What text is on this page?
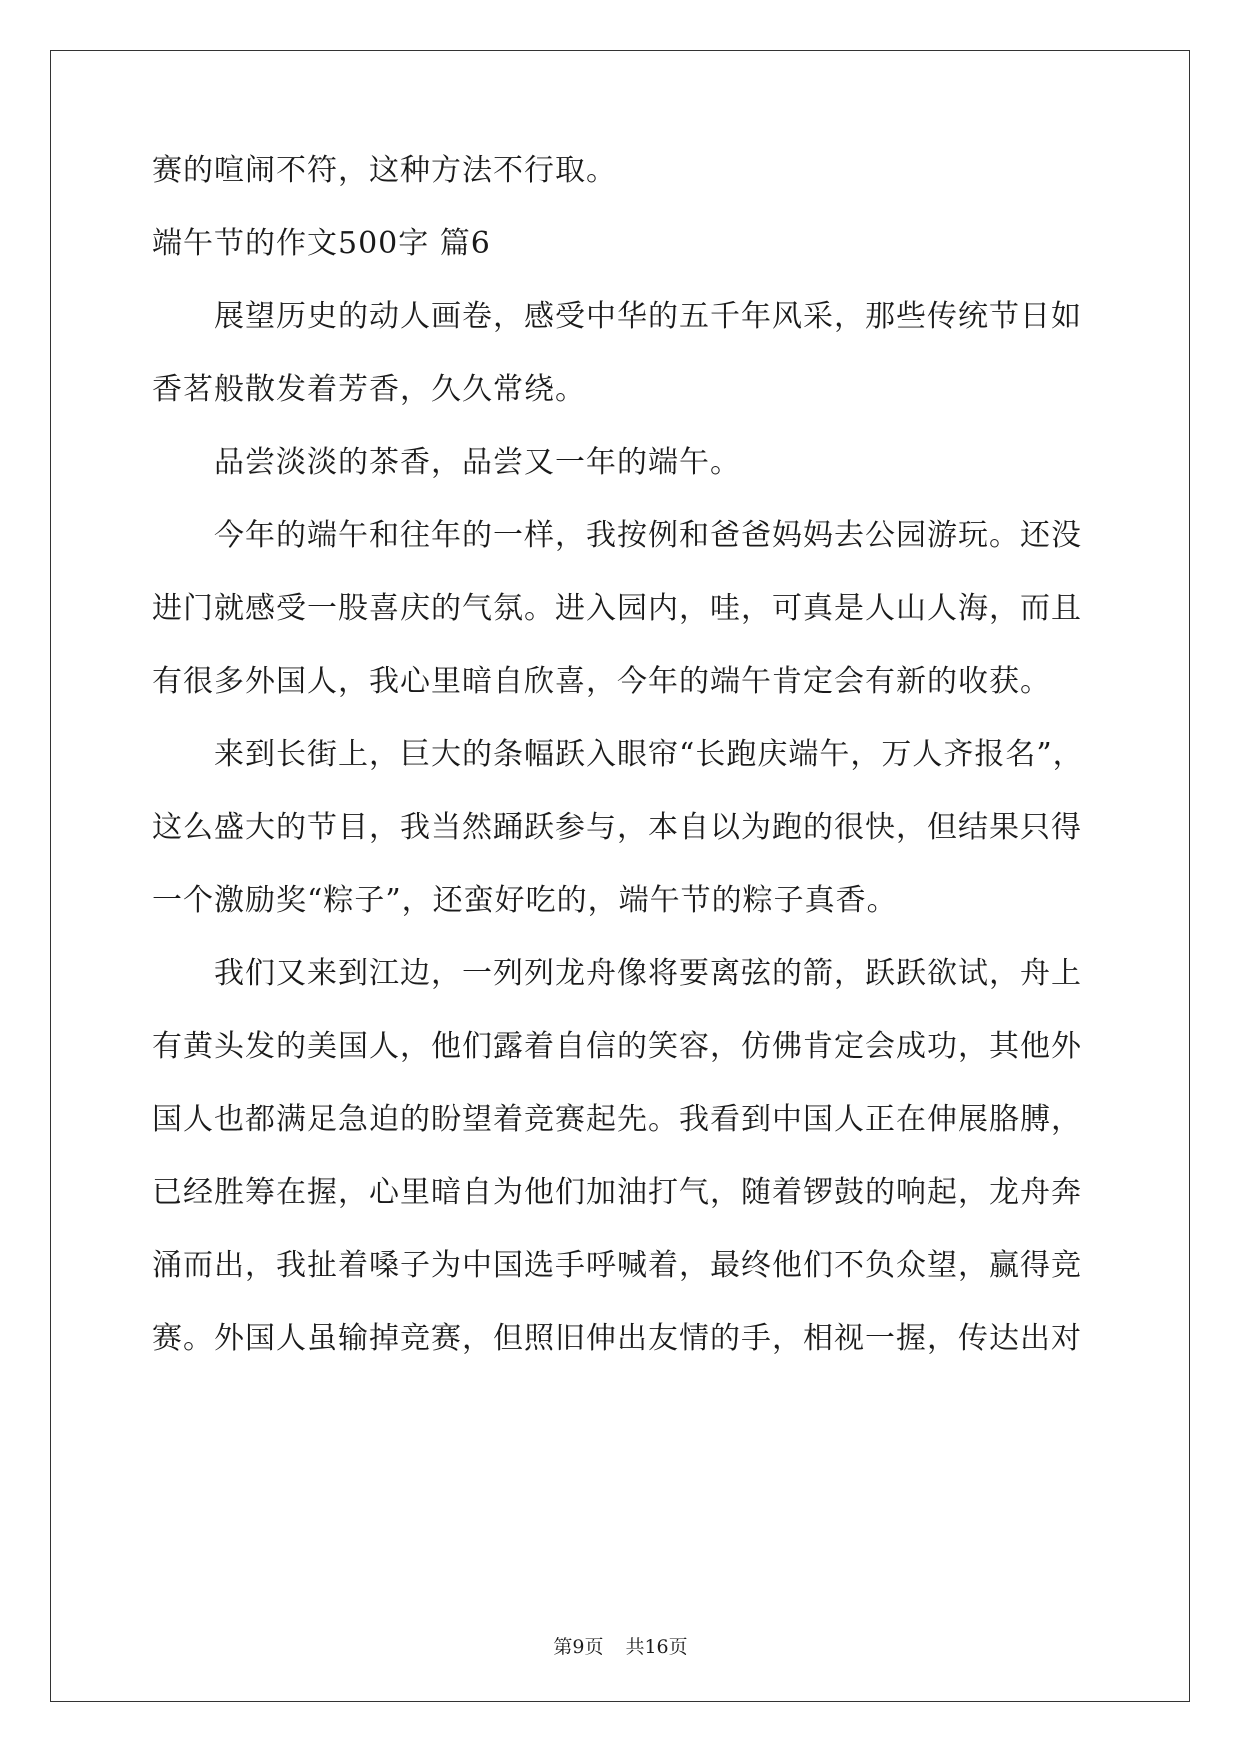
赛的喧闹不符，这种方法不行取。
端午节的作文500字 篇6
展望历史的动人画卷，感受中华的五千年风采，那些传统节日如
香茗般散发着芳香，久久常绕。
品尝淡淡的茶香，品尝又一年的端午。
今年的端午和往年的一样，我按例和爸爸妈妈去公园游玩。还没
进门就感受一股喜庆的气氛。进入园内，哇，可真是人山人海，而且
有很多外国人，我心里暗自欣喜，今年的端午肯定会有新的收获。
来到长街上，巨大的条幅跃入眼帘“长跑庆端午，万人齐报名”，
这么盛大的节目，我当然踊跃参与，本自以为跑的很快，但结果只得
一个激励奖“粽子”，还蛮好吃的，端午节的粽子真香。
我们又来到江边，一列列龙舟像将要离弦的箭，跃跃欲试，舟上
有黄头发的美国人，他们露着自信的笑容，仿佛肯定会成功，其他外
国人也都满足急迫的盼望着竞赛起先。我看到中国人正在伸展胳膊，
已经胜筹在握，心里暗自为他们加油打气，随着锣鼓的响起，龙舟奔
涌而出，我扯着嗓子为中国选手呼喊着，最终他们不负众望，赢得竞
赛。外国人虽输掉竞赛，但照旧伸出友情的手，相视一握，传达出对
第9页 共16页
